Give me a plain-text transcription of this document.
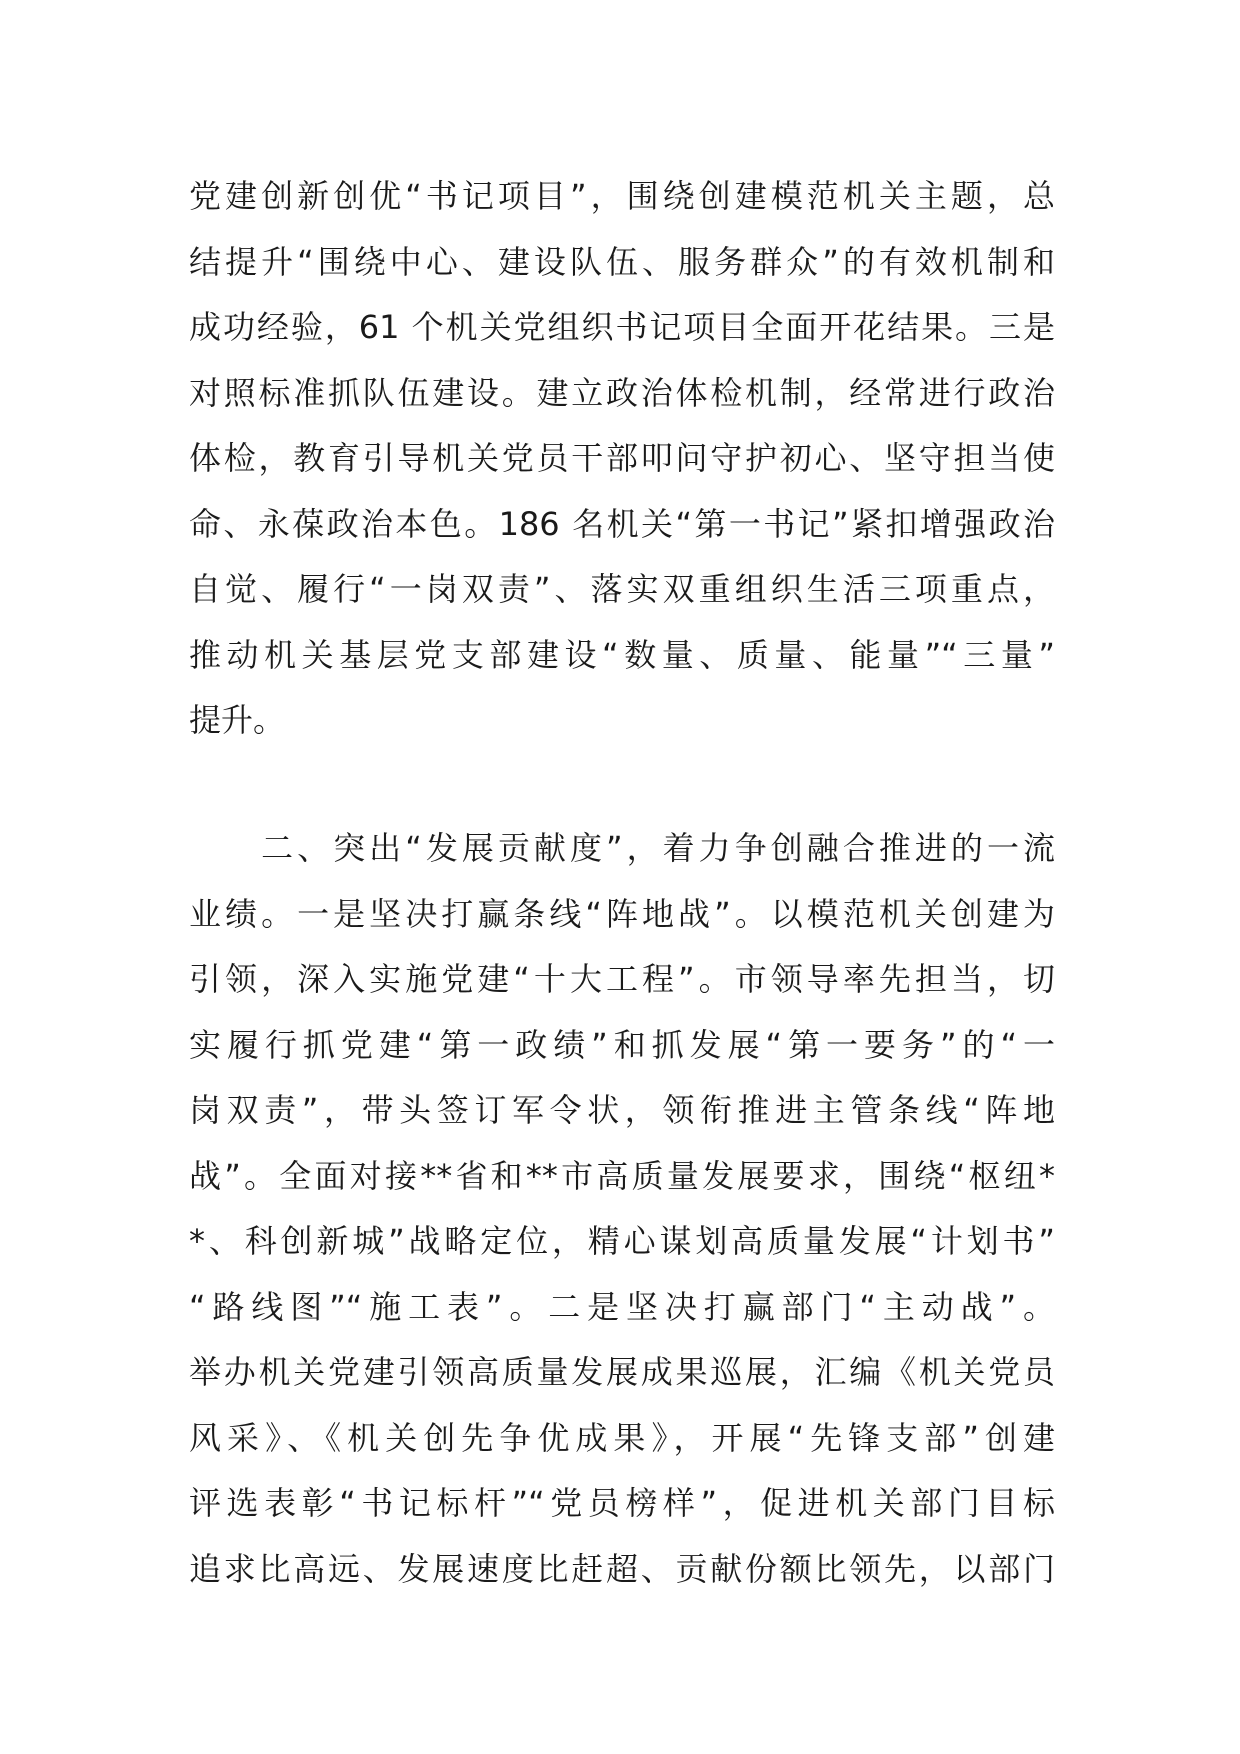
党建创新创优“书记项目”，围绕创建模范机关主题，总
结提升“围绕中心、建设队伍、服务群众”的有效机制和
成功经验，61 个机关党组织书记项目全面开花结果。三是
对照标准抓队伍建设。建立政治体检机制，经常进行政治
体检，教育引导机关党员干部叩问守护初心、坚守担当使
命、永葆政治本色。186 名机关“第一书记”紧扣增强政治
自觉、履行“一岗双责”、落实双重组织生活三项重点，
推动机关基层党支部建设“数量、质量、能量”“三量”
提升。
　　二、突出“发展贡献度”，着力争创融合推进的一流
业绩。一是坚决打赢条线“阵地战”。以模范机关创建为
引领，深入实施党建“十大工程”。市领导率先担当，切
实履行抓党建“第一政绩”和抓发展“第一要务”的“一
岗双责”，带头签订军令状，领衔推进主管条线“阵地
战”。全面对接**省和**市高质量发展要求，围绕“枢纽*
*、科创新城”战略定位，精心谋划高质量发展“计划书”
“路线图”“施工表”。二是坚决打赢部门“主动战”。
举办机关党建引领高质量发展成果巡展，汇编《机关党员
风采》、《机关创先争优成果》，开展“先锋支部”创建
评选表彰“书记标杆”“党员榜样”，促进机关部门目标
追求比高远、发展速度比赶超、贡献份额比领先，以部门
